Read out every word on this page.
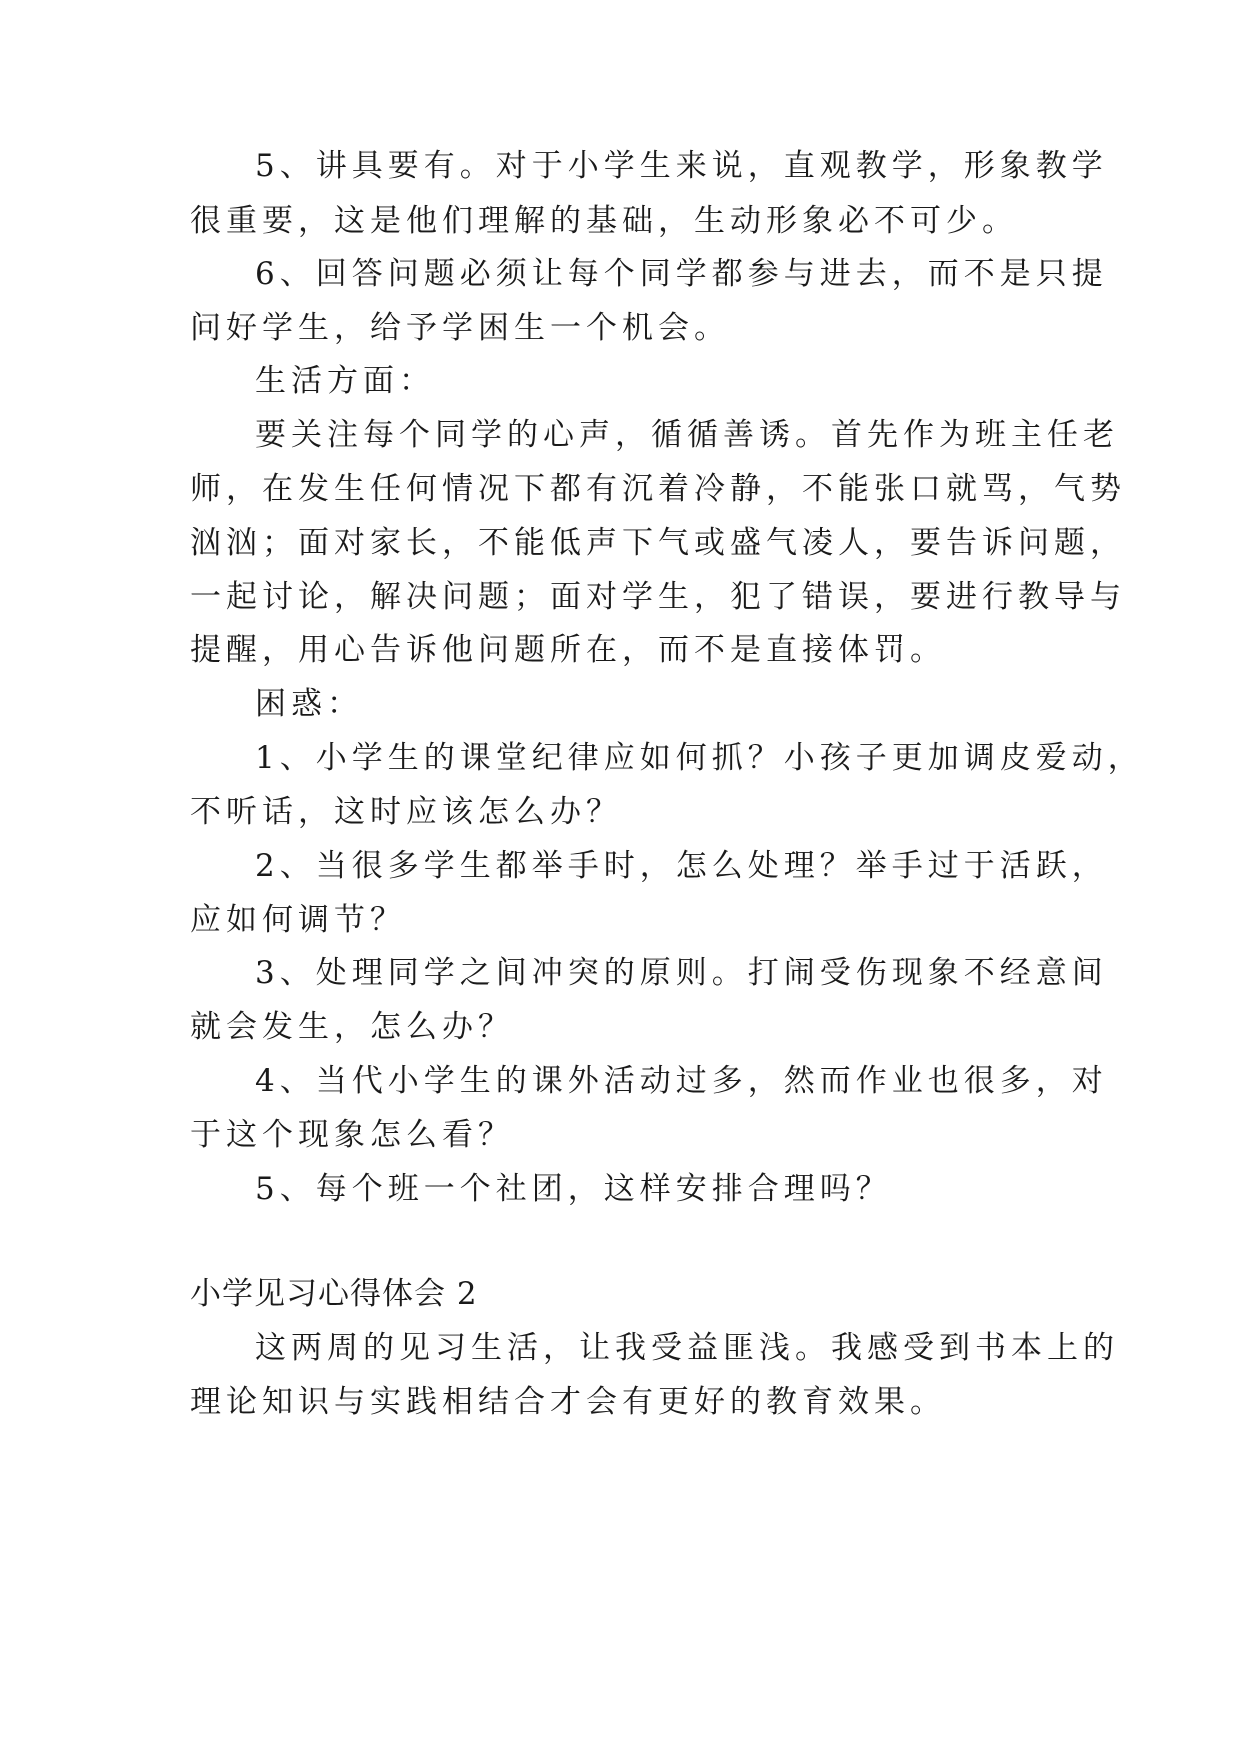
5、讲具要有。对于小学生来说，直观教学，形象教学
很重要，这是他们理解的基础，生动形象必不可少。
6、回答问题必须让每个同学都参与进去，而不是只提
问好学生，给予学困生一个机会。
生活方面：
要关注每个同学的心声，循循善诱。首先作为班主任老
师，在发生任何情况下都有沉着冷静，不能张口就骂，气势
汹汹；面对家长，不能低声下气或盛气凌人，要告诉问题，
一起讨论，解决问题；面对学生，犯了错误，要进行教导与
提醒，用心告诉他问题所在，而不是直接体罚。
困惑：
1、小学生的课堂纪律应如何抓？小孩子更加调皮爱动，
不听话，这时应该怎么办？
2、当很多学生都举手时，怎么处理？举手过于活跃，
应如何调节？
3、处理同学之间冲突的原则。打闹受伤现象不经意间
就会发生，怎么办？
4、当代小学生的课外活动过多，然而作业也很多，对
于这个现象怎么看？
5、每个班一个社团，这样安排合理吗？
小学见习心得体会 2
这两周的见习生活，让我受益匪浅。我感受到书本上的
理论知识与实践相结合才会有更好的教育效果。
